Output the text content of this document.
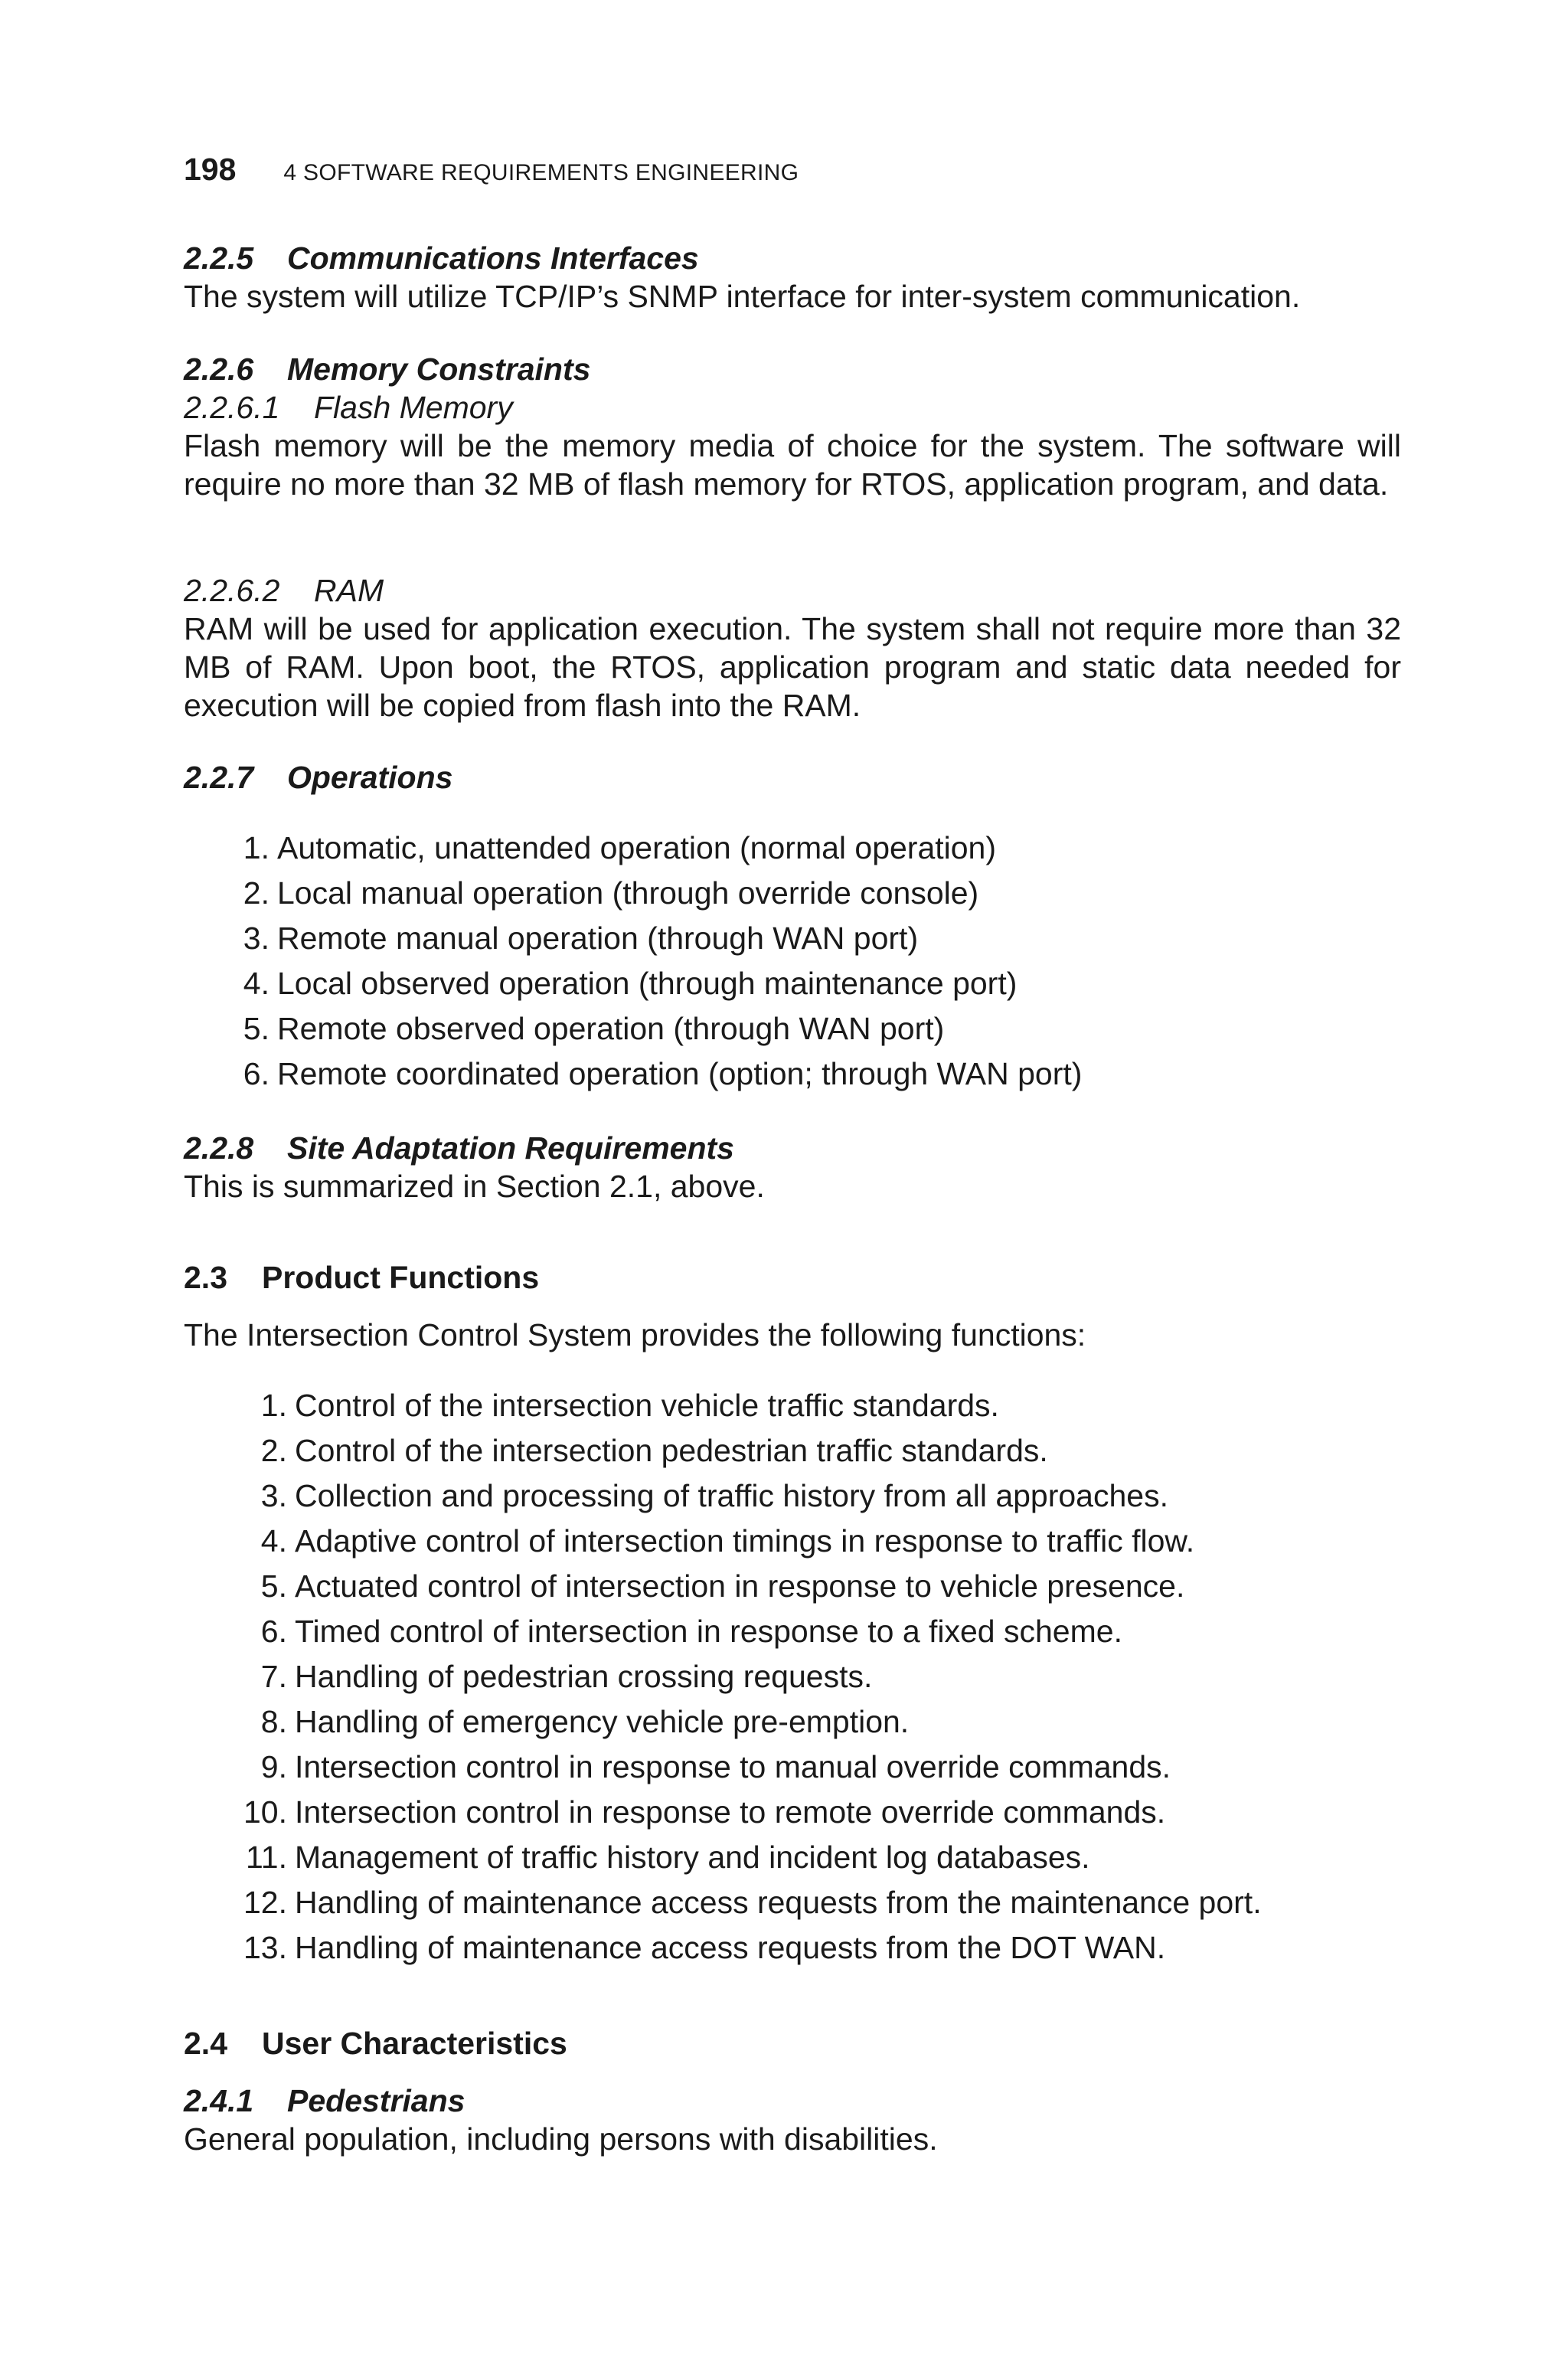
198 4 SOFTWARE REQUIREMENTS ENGINEERING

2.2.5 Communications Interfaces

The system will utilize TCP/IP’s SNMP interface for inter-system communication.

2.2.6 Memory Constraints

2.2.6.1 Flash Memory

Flash memory will be the memory media of choice for the system. The software will require no more than 32 MB of flash memory for RTOS, application program, and data.

2.2.6.2 RAM

RAM will be used for application execution. The system shall not require more than 32 MB of RAM. Upon boot, the RTOS, application program and static data needed for execution will be copied from flash into the RAM.

2.2.7 Operations

1. Automatic, unattended operation (normal operation)
2. Local manual operation (through override console)
3. Remote manual operation (through WAN port)
4. Local observed operation (through maintenance port)
5. Remote observed operation (through WAN port)
6. Remote coordinated operation (option; through WAN port)

2.2.8 Site Adaptation Requirements

This is summarized in Section 2.1, above.

2.3 Product Functions

The Intersection Control System provides the following functions:

1. Control of the intersection vehicle traffic standards.
2. Control of the intersection pedestrian traffic standards.
3. Collection and processing of traffic history from all approaches.
4. Adaptive control of intersection timings in response to traffic flow.
5. Actuated control of intersection in response to vehicle presence.
6. Timed control of intersection in response to a fixed scheme.
7. Handling of pedestrian crossing requests.
8. Handling of emergency vehicle pre-emption.
9. Intersection control in response to manual override commands.
10. Intersection control in response to remote override commands.
11. Management of traffic history and incident log databases.
12. Handling of maintenance access requests from the maintenance port.
13. Handling of maintenance access requests from the DOT WAN.

2.4 User Characteristics

2.4.1 Pedestrians

General population, including persons with disabilities.
